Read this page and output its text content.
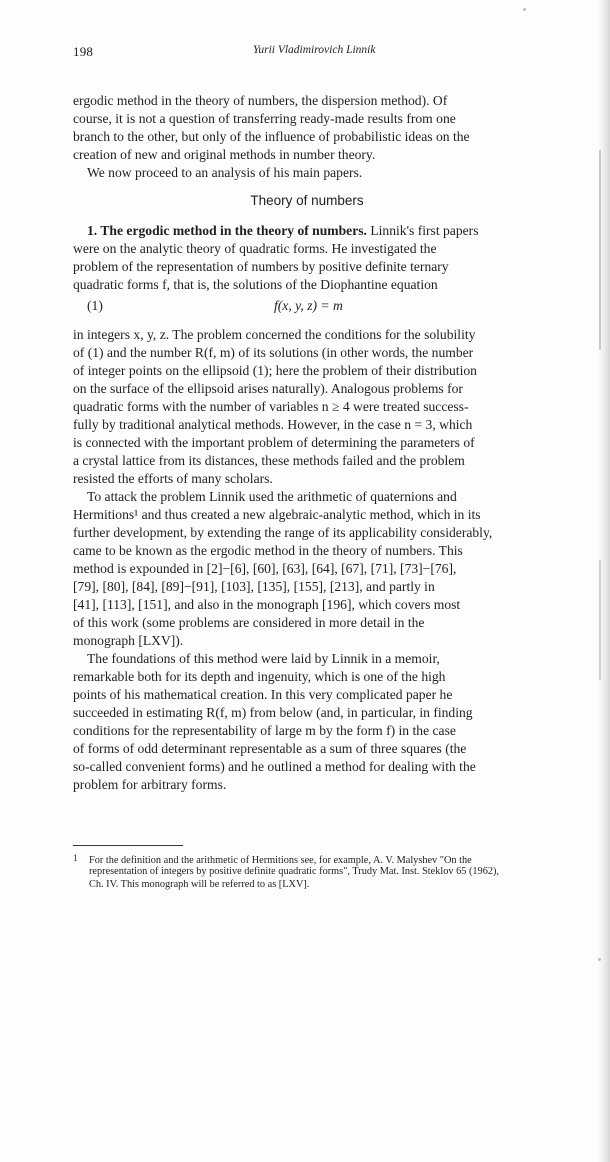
198	Yurii Vladimirovich Linnik
ergodic method in the theory of numbers, the dispersion method). Of
course, it is not a question of transferring ready-made results from one
branch to the other, but only of the influence of probabilistic ideas on the
creation of new and original methods in number theory.
We now proceed to an analysis of his main papers.
Theory of numbers
1. The ergodic method in the theory of numbers. Linnik's first papers
were on the analytic theory of quadratic forms. He investigated the
problem of the representation of numbers by positive definite ternary
quadratic forms f, that is, the solutions of the Diophantine equation
(1)	f(x, y, z) = m
in integers x, y, z. The problem concerned the conditions for the solubility
of (1) and the number R(f, m) of its solutions (in other words, the number
of integer points on the ellipsoid (1); here the problem of their distribution
on the surface of the ellipsoid arises naturally). Analogous problems for
quadratic forms with the number of variables n ≥ 4 were treated success-
fully by traditional analytical methods. However, in the case n = 3, which
is connected with the important problem of determining the parameters of
a crystal lattice from its distances, these methods failed and the problem
resisted the efforts of many scholars.
To attack the problem Linnik used the arithmetic of quaternions and
Hermitions¹ and thus created a new algebraic-analytic method, which in its
further development, by extending the range of its applicability considerably,
came to be known as the ergodic method in the theory of numbers. This
method is expounded in [2]−[6], [60], [63], [64], [67], [71], [73]−[76],
[79], [80], [84], [89]−[91], [103], [135], [155], [213], and partly in
[41], [113], [151], and also in the monograph [196], which covers most
of this work (some problems are considered in more detail in the
monograph [LXV]).
The foundations of this method were laid by Linnik in a memoir,
remarkable both for its depth and ingenuity, which is one of the high
points of his mathematical creation. In this very complicated paper he
succeeded in estimating R(f, m) from below (and, in particular, in finding
conditions for the representability of large m by the form f) in the case
of forms of odd determinant representable as a sum of three squares (the
so-called convenient forms) and he outlined a method for dealing with the
problem for arbitrary forms.
1 For the definition and the arithmetic of Hermitions see, for example, A. V. Malyshev "On the
representation of integers by positive definite quadratic forms", Trudy Mat. Inst. Steklov 65 (1962),
Ch. IV. This monograph will be referred to as [LXV].
